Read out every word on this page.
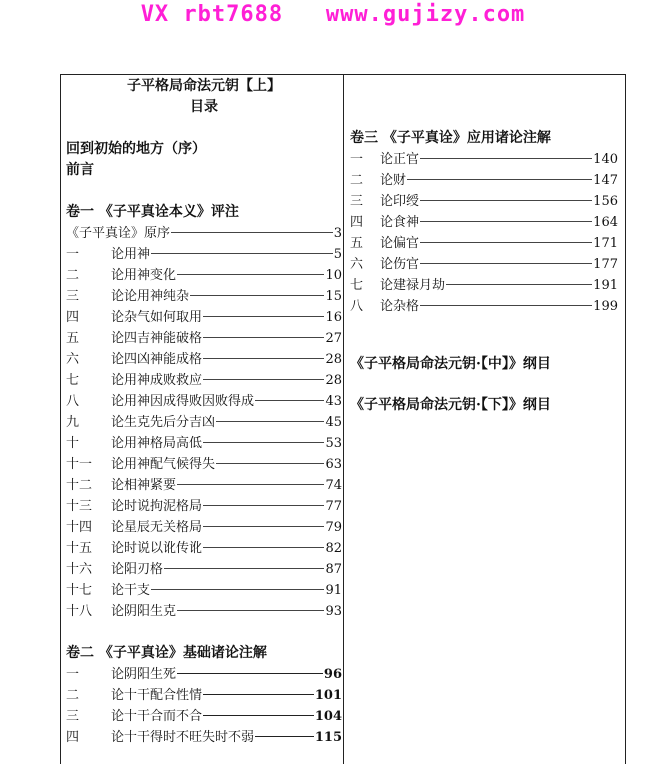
VX rbt7688   www.gujizy.com
子平格局命法元钥【上】
目录
回到初始的地方（序）
前言
卷一 《子平真诠本义》评注
《子平真诠》原序	3
一	论用神	5
二	论用神变化	10
三	论论用神纯杂	15
四	论杂气如何取用	16
五	论四吉神能破格	27
六	论四凶神能成格	28
七	论用神成败救应	28
八	论用神因成得败因败得成	43
九	论生克先后分吉凶	45
十	论用神格局高低	53
十一	论用神配气候得失	63
十二	论相神紧要	74
十三	论时说拘泥格局	77
十四	论星辰无关格局	79
十五	论时说以讹传讹	82
十六	论阳刃格	87
十七	论干支	91
十八	论阴阳生克	93
卷二 《子平真诠》基础诸论注解
一	论阴阳生死	96
二	论十干配合性情	101
三	论十干合而不合	104
四	论十干得时不旺失时不弱	115
卷三 《子平真诠》应用诸论注解
一	论正官	140
二	论财	147
三	论印绶	156
四	论食神	164
五	论偏官	171
六	论伤官	177
七	论建禄月劫	191
八	论杂格	199
《子平格局命法元钥·【中】》纲目
《子平格局命法元钥·【下】》纲目
